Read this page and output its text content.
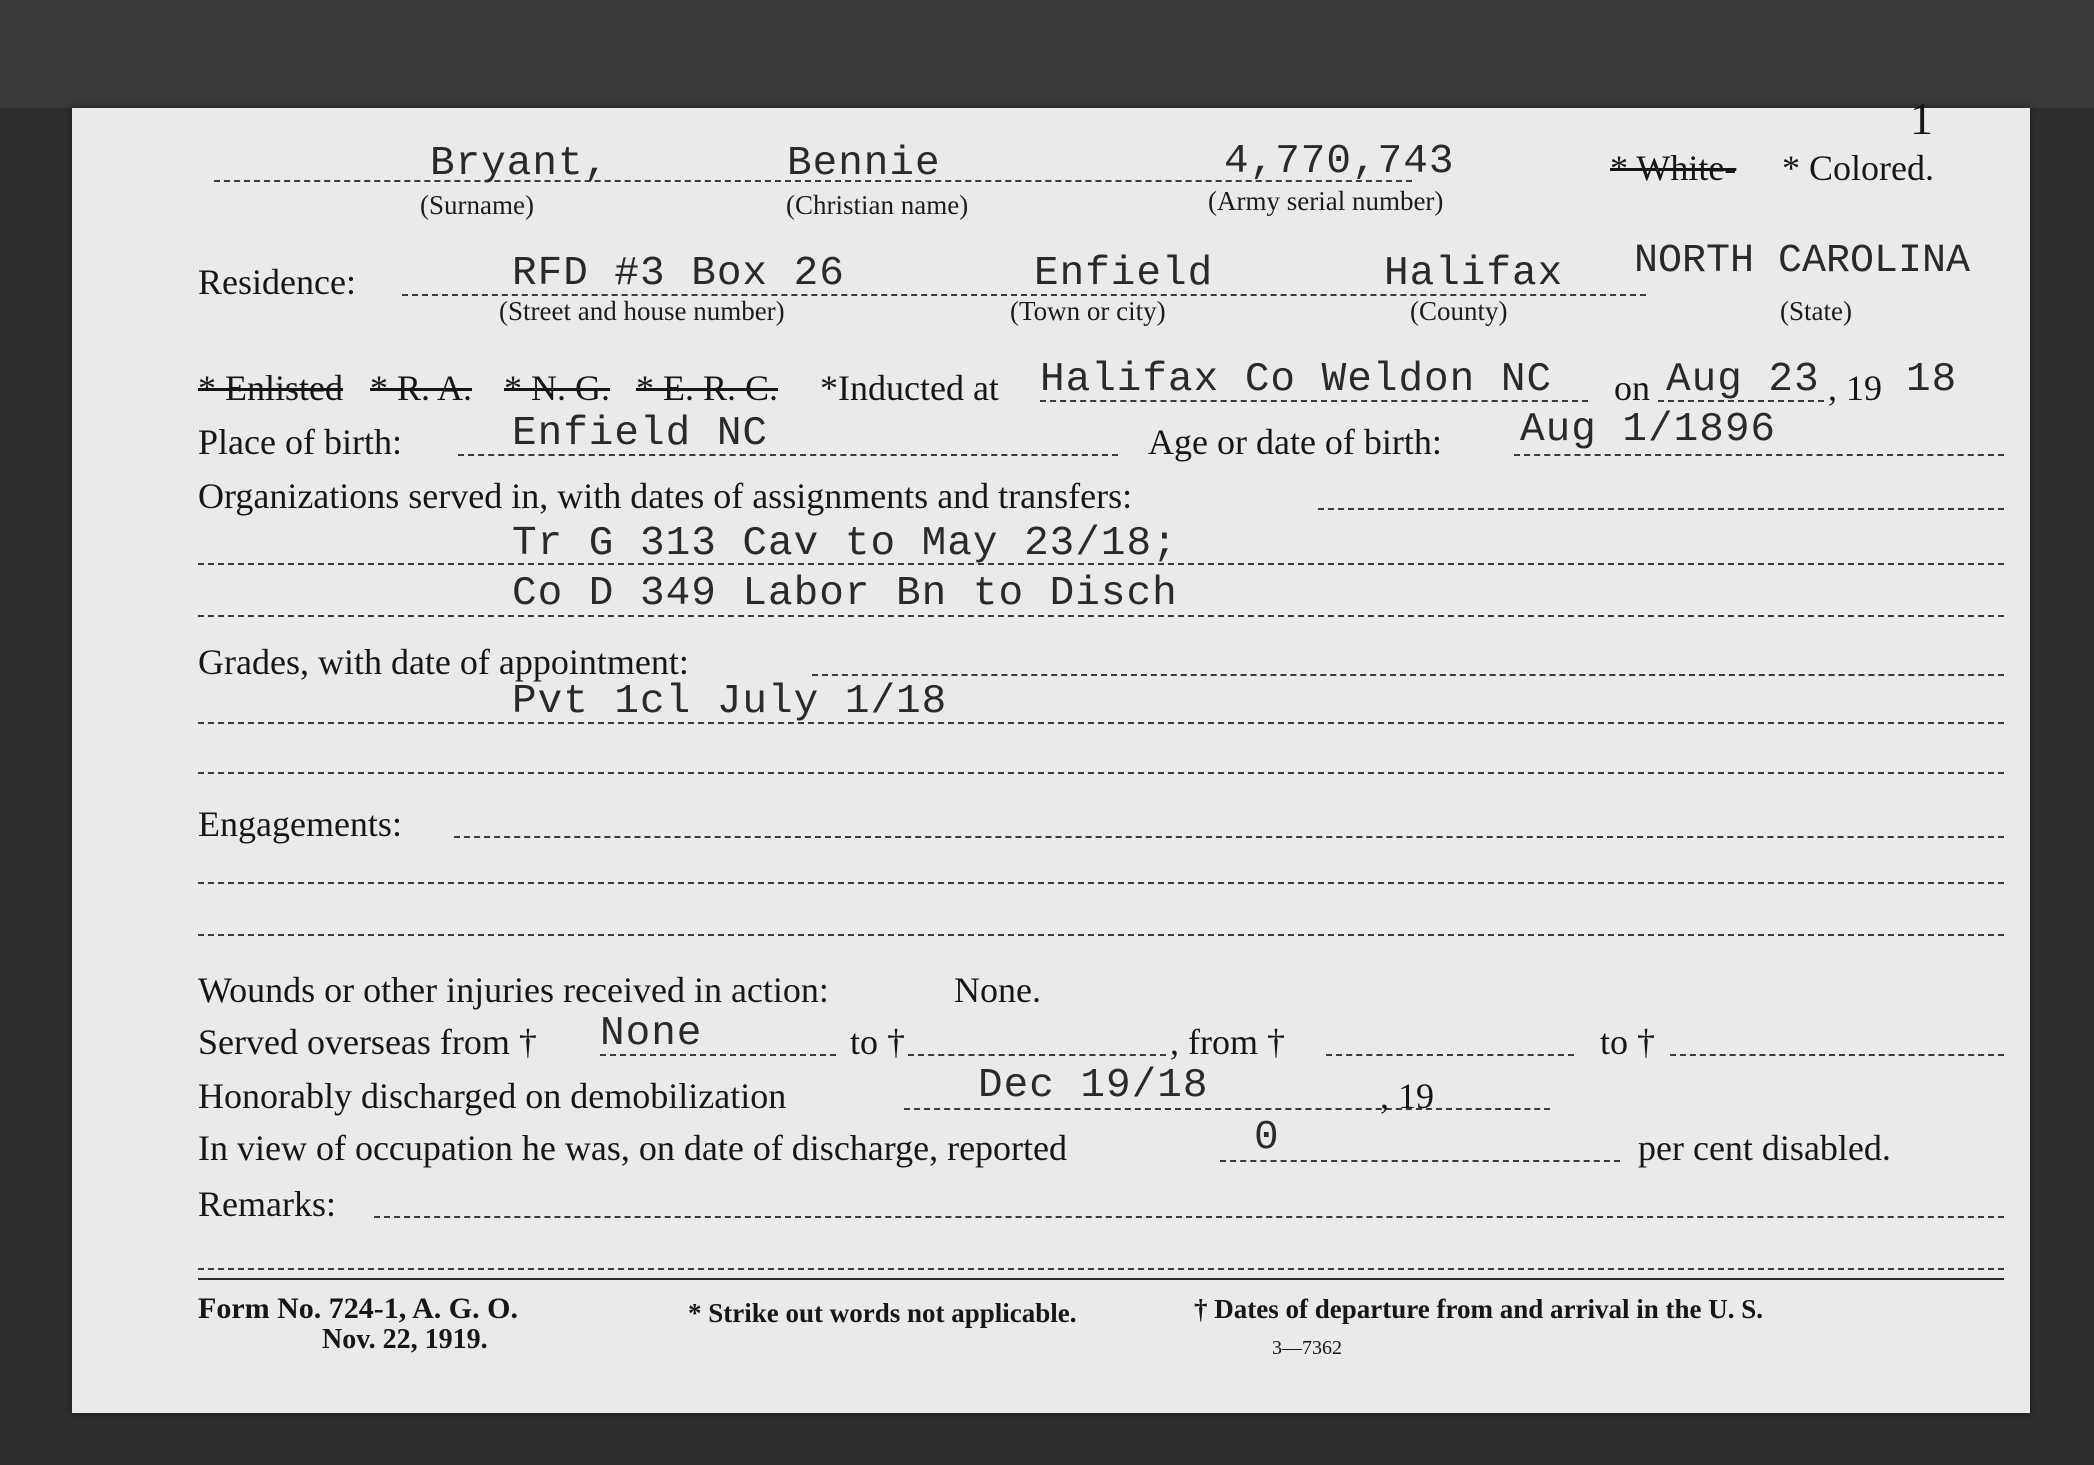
1
Bryant,
(Surname)
Bennie
(Christian name)
4,770,743
(Army serial number)
* White- * Colored.
Residence:	RFD #3 Box 26
(Street and house number)
Enfield
(Town or city)
Halifax
(County)
NORTH CAROLINA
(State)
* Enlisted * R. A. * N. G. * E. R. C. *Inducted at Halifax Co Weldon NC on Aug 23 , 19 18
Place of birth:	Enfield NC	Age or date of birth: Aug 1/1896
Organizations served in, with dates of assignments and transfers:
Tr G 313 Cav to May 23/18;
Co D 349 Labor Bn to Disch
Grades, with date of appointment:
Pvt 1cl July 1/18
Engagements:
Wounds or other injuries received in action:	None.
Served overseas from † None	to †	, from †	to †
Honorably discharged on demobilization	Dec 19/18	, 19
In view of occupation he was, on date of discharge, reported	0	per cent disabled.
Remarks:
Form No. 724-1, A. G. O.
Nov. 22, 1919.
* Strike out words not applicable.	† Dates of departure from and arrival in the U. S.
3—7362
